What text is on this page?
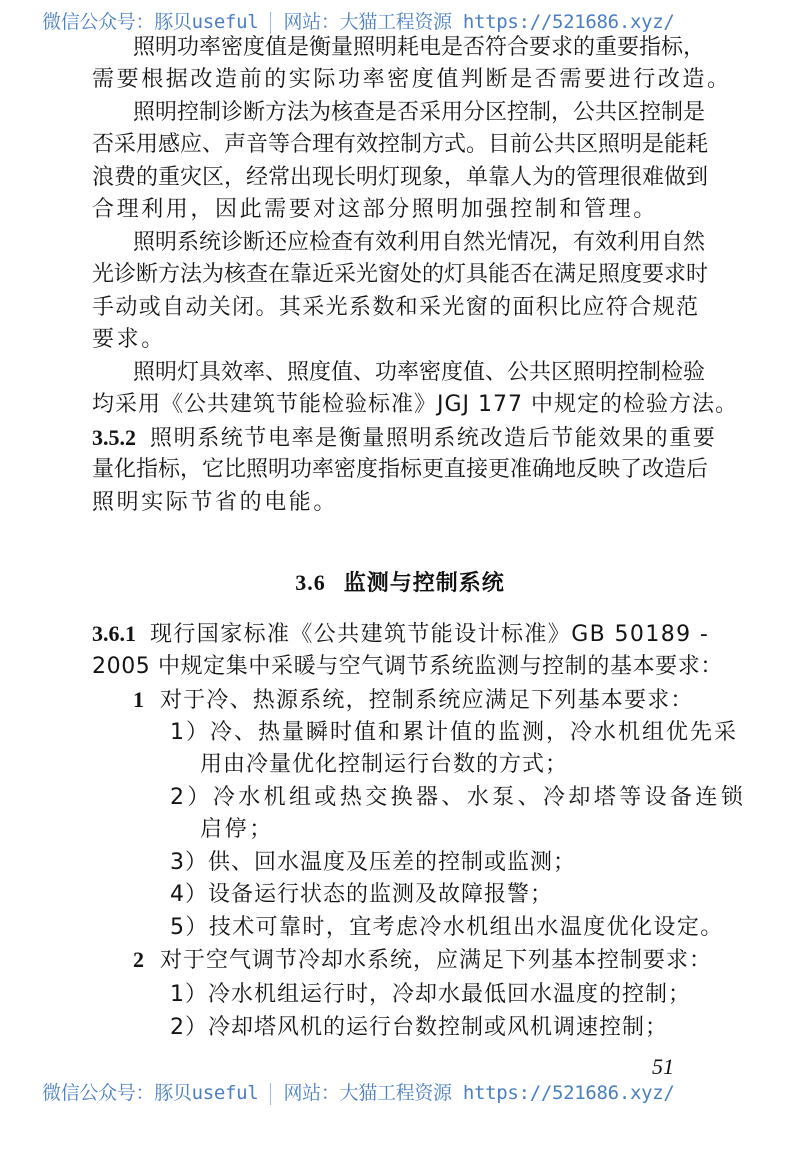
微信公众号：豚贝useful 网站：大猫工程资源 https://521686.xyz/
照明功率密度值是衡量照明耗电是否符合要求的重要指标，
需要根据改造前的实际功率密度值判断是否需要进行改造。
照明控制诊断方法为核查是否采用分区控制，公共区控制是
否采用感应、声音等合理有效控制方式。目前公共区照明是能耗
浪费的重灾区，经常出现长明灯现象，单靠人为的管理很难做到
合理利用，因此需要对这部分照明加强控制和管理。
照明系统诊断还应检查有效利用自然光情况，有效利用自然
光诊断方法为核查在靠近采光窗处的灯具能否在满足照度要求时
手动或自动关闭。其采光系数和采光窗的面积比应符合规范
要求。
照明灯具效率、照度值、功率密度值、公共区照明控制检验
均采用《公共建筑节能检验标准》JGJ 177 中规定的检验方法。
3.5.2 照明系统节电率是衡量照明系统改造后节能效果的重要
量化指标，它比照明功率密度指标更直接更准确地反映了改造后
照明实际节省的电能。
3.6 监测与控制系统
3.6.1 现行国家标准《公共建筑节能设计标准》GB 50189 -
2005 中规定集中采暖与空气调节系统监测与控制的基本要求：
1 对于冷、热源系统，控制系统应满足下列基本要求：
1）冷、热量瞬时值和累计值的监测，冷水机组优先采
用由冷量优化控制运行台数的方式；
2）冷水机组或热交换器、水泵、冷却塔等设备连锁
启停；
3）供、回水温度及压差的控制或监测；
4）设备运行状态的监测及故障报警；
5）技术可靠时，宜考虑冷水机组出水温度优化设定。
2 对于空气调节冷却水系统，应满足下列基本控制要求：
1）冷水机组运行时，冷却水最低回水温度的控制；
2）冷却塔风机的运行台数控制或风机调速控制；
51
微信公众号：豚贝useful 网站：大猫工程资源 https://521686.xyz/
